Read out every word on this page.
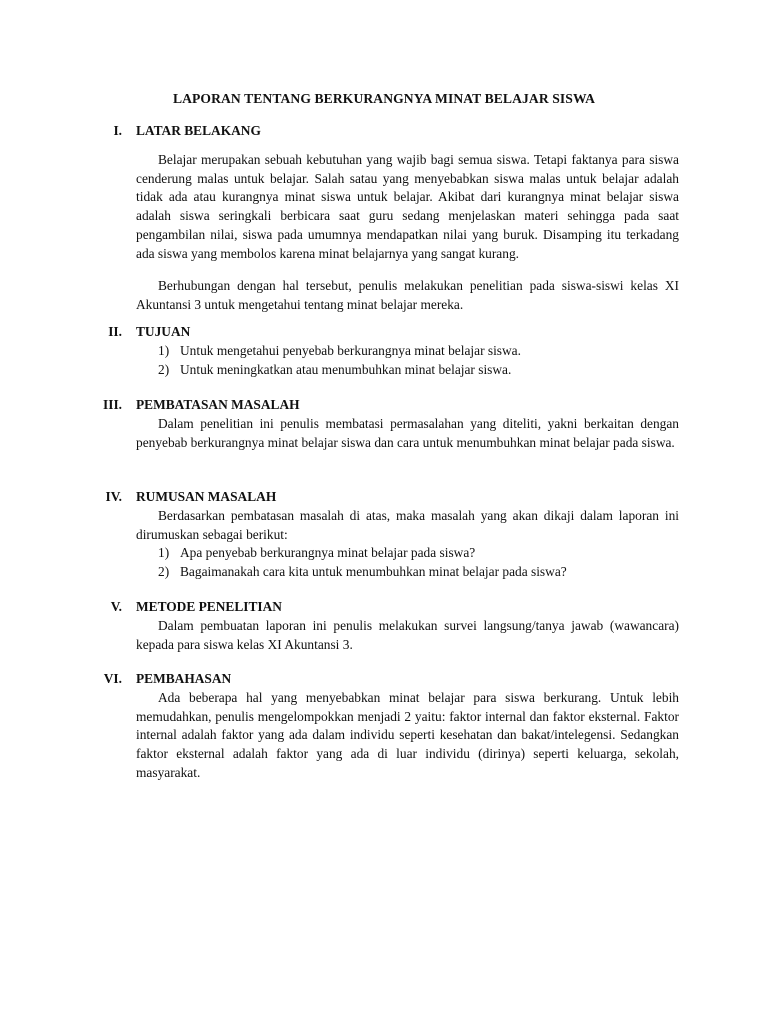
LAPORAN TENTANG BERKURANGNYA MINAT BELAJAR SISWA
I. LATAR BELAKANG

Belajar merupakan sebuah kebutuhan yang wajib bagi semua siswa. Tetapi faktanya para siswa cenderung malas untuk belajar. Salah satau yang menyebabkan siswa malas untuk belajar adalah tidak ada atau kurangnya minat siswa untuk belajar. Akibat dari kurangnya minat belajar siswa adalah siswa seringkali berbicara saat guru sedang menjelaskan materi sehingga pada saat pengambilan nilai, siswa pada umumnya mendapatkan nilai yang buruk. Disamping itu terkadang ada siswa yang membolos karena minat belajarnya yang sangat kurang.

Berhubungan dengan hal tersebut, penulis melakukan penelitian pada siswa-siswi kelas XI Akuntansi 3 untuk mengetahui tentang minat belajar mereka.

II. TUJUAN
1) Untuk mengetahui penyebab berkurangnya minat belajar siswa.
2) Untuk meningkatkan atau menumbuhkan minat belajar siswa.
III. PEMBATASAN MASALAH

Dalam penelitian ini penulis membatasi permasalahan yang diteliti, yakni berkaitan dengan penyebab berkurangnya minat belajar siswa dan cara untuk menumbuhkan minat belajar pada siswa.

IV. RUMUSAN MASALAH

Berdasarkan pembatasan masalah di atas, maka masalah yang akan dikaji dalam laporan ini dirumuskan sebagai berikut:

1) Apa penyebab berkurangnya minat belajar pada siswa?
2) Bagaimanakah cara kita untuk menumbuhkan minat belajar pada siswa?
V. METODE PENELITIAN

Dalam pembuatan laporan ini penulis melakukan survei langsung/tanya jawab (wawancara) kepada para siswa kelas XI Akuntansi 3.

VI. PEMBAHASAN

Ada beberapa hal yang menyebabkan minat belajar para siswa berkurang. Untuk lebih memudahkan, penulis mengelompokkan menjadi 2 yaitu: faktor internal dan faktor eksternal. Faktor internal adalah faktor yang ada dalam individu seperti kesehatan dan bakat/intelegensi. Sedangkan faktor eksternal adalah faktor yang ada di luar individu (dirinya) seperti keluarga, sekolah, masyarakat.
